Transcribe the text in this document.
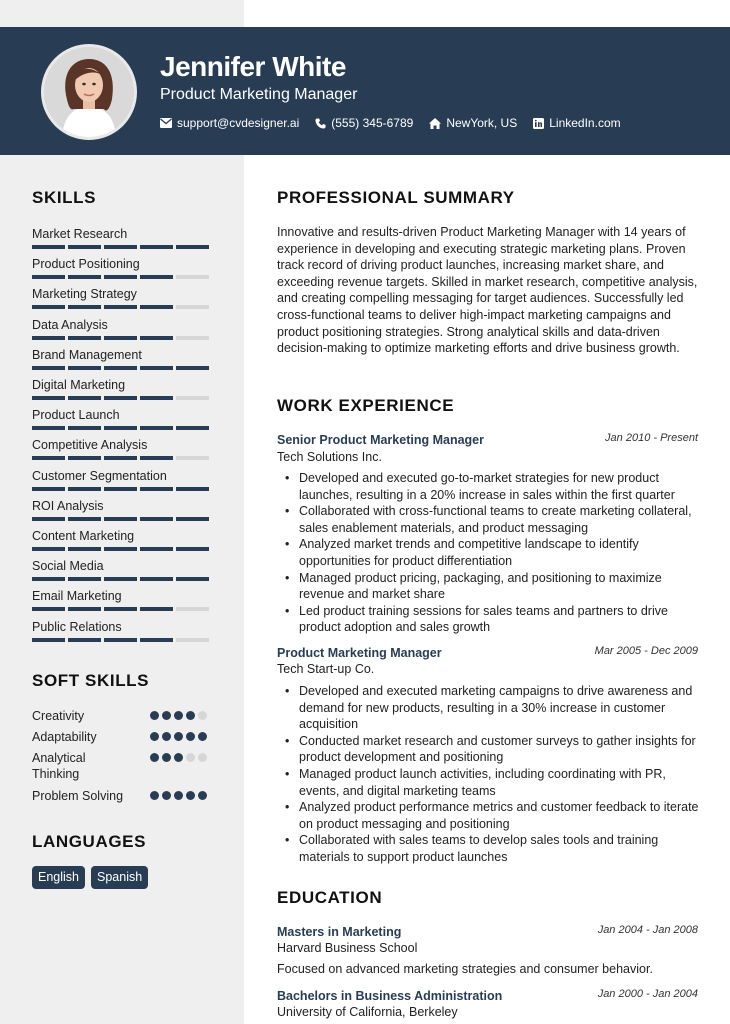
Jennifer White
Product Marketing Manager
support@cvdesigner.ai	(555) 345-6789	NewYork, US	LinkedIn.com
SKILLS
Market Research
Product Positioning
Marketing Strategy
Data Analysis
Brand Management
Digital Marketing
Product Launch
Competitive Analysis
Customer Segmentation
ROI Analysis
Content Marketing
Social Media
Email Marketing
Public Relations
SOFT SKILLS
Creativity
Adaptability
Analytical Thinking
Problem Solving
LANGUAGES
English	Spanish
PROFESSIONAL SUMMARY
Innovative and results-driven Product Marketing Manager with 14 years of experience in developing and executing strategic marketing plans. Proven track record of driving product launches, increasing market share, and exceeding revenue targets. Skilled in market research, competitive analysis, and creating compelling messaging for target audiences. Successfully led cross-functional teams to deliver high-impact marketing campaigns and product positioning strategies. Strong analytical skills and data-driven decision-making to optimize marketing efforts and drive business growth.
WORK EXPERIENCE
Senior Product Marketing Manager	Jan 2010 - Present
Tech Solutions Inc.
• Developed and executed go-to-market strategies for new product launches, resulting in a 20% increase in sales within the first quarter
• Collaborated with cross-functional teams to create marketing collateral, sales enablement materials, and product messaging
• Analyzed market trends and competitive landscape to identify opportunities for product differentiation
• Managed product pricing, packaging, and positioning to maximize revenue and market share
• Led product training sessions for sales teams and partners to drive product adoption and sales growth
Product Marketing Manager	Mar 2005 - Dec 2009
Tech Start-up Co.
• Developed and executed marketing campaigns to drive awareness and demand for new products, resulting in a 30% increase in customer acquisition
• Conducted market research and customer surveys to gather insights for product development and positioning
• Managed product launch activities, including coordinating with PR, events, and digital marketing teams
• Analyzed product performance metrics and customer feedback to iterate on product messaging and positioning
• Collaborated with sales teams to develop sales tools and training materials to support product launches
EDUCATION
Masters in Marketing	Jan 2004 - Jan 2008
Harvard Business School
Focused on advanced marketing strategies and consumer behavior.
Bachelors in Business Administration	Jan 2000 - Jan 2004
University of California, Berkeley
